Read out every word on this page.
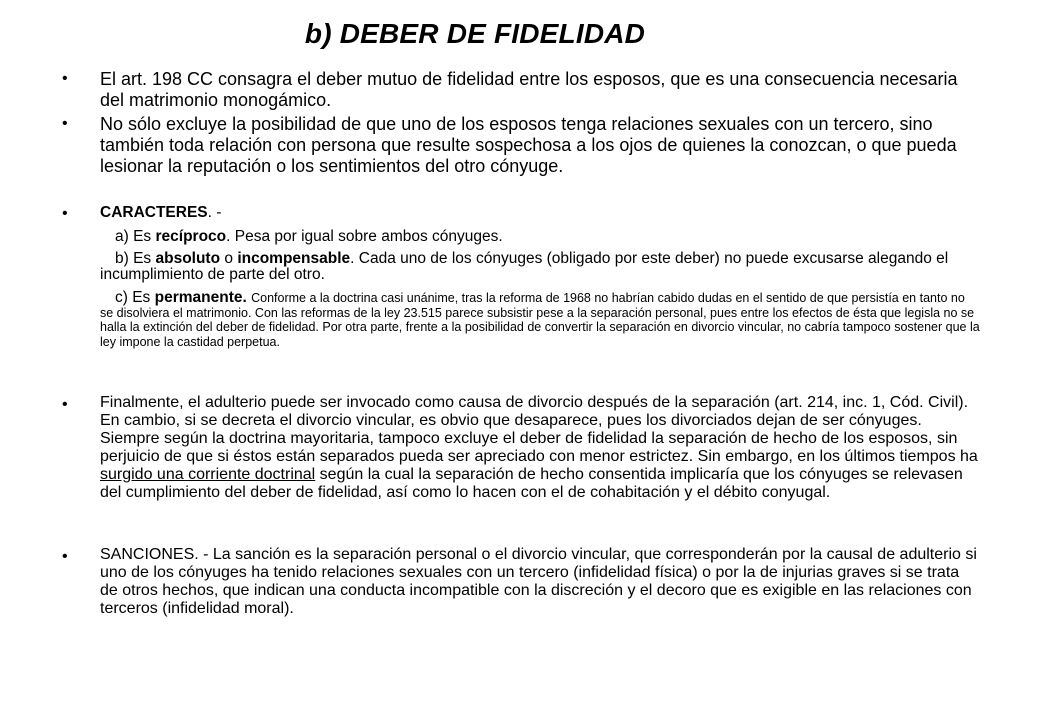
b) DEBER DE FIDELIDAD
•	El art. 198 CC consagra el deber mutuo de fidelidad entre los esposos, que es una consecuencia necesaria del matrimonio monogámico.
•	No sólo excluye la posibilidad de que uno de los esposos tenga relaciones sexuales con un tercero, sino también toda relación con persona que resulte sospechosa a los ojos de quienes la conozcan, o que pueda lesionar la reputación o los sentimientos del otro cónyuge.
•	CARACTERES. -
a) Es recíproco. Pesa por igual sobre ambos cónyuges.
b) Es absoluto o incompensable. Cada uno de los cónyuges (obligado por este deber) no puede excusarse alegando el incumplimiento de parte del otro.
c) Es permanente. Conforme a la doctrina casi unánime, tras la reforma de 1968 no habrían cabido dudas en el sentido de que persistía en tanto no se disolviera el matrimonio. Con las reformas de la ley 23.515 parece subsistir pese a la separación personal, pues entre los efectos de ésta que legisla no se halla la extinción del deber de fidelidad. Por otra parte, frente a la posibilidad de convertir la separación en divorcio vincular, no cabría tampoco sostener que la ley impone la castidad perpetua.
•	Finalmente, el adulterio puede ser invocado como causa de divorcio después de la separación (art. 214, inc. 1, Cód. Civil). En cambio, si se decreta el divorcio vincular, es obvio que desaparece, pues los divorciados dejan de ser cónyuges. Siempre según la doctrina mayoritaria, tampoco excluye el deber de fidelidad la separación de hecho de los esposos, sin perjuicio de que si éstos están separados pueda ser apreciado con menor estrictez. Sin embargo, en los últimos tiempos ha surgido una corriente doctrinal según la cual la separación de hecho consentida implicaría que los cónyuges se relevasen del cumplimiento del deber de fidelidad, así como lo hacen con el de cohabitación y el débito conyugal.
•	SANCIONES. - La sanción es la separación personal o el divorcio vincular, que corresponderán por la causal de adulterio si uno de los cónyuges ha tenido relaciones sexuales con un tercero (infidelidad física) o por la de injurias graves si se trata de otros hechos, que indican una conducta incompatible con la discreción y el decoro que es exigible en las relaciones con terceros (infidelidad moral).
